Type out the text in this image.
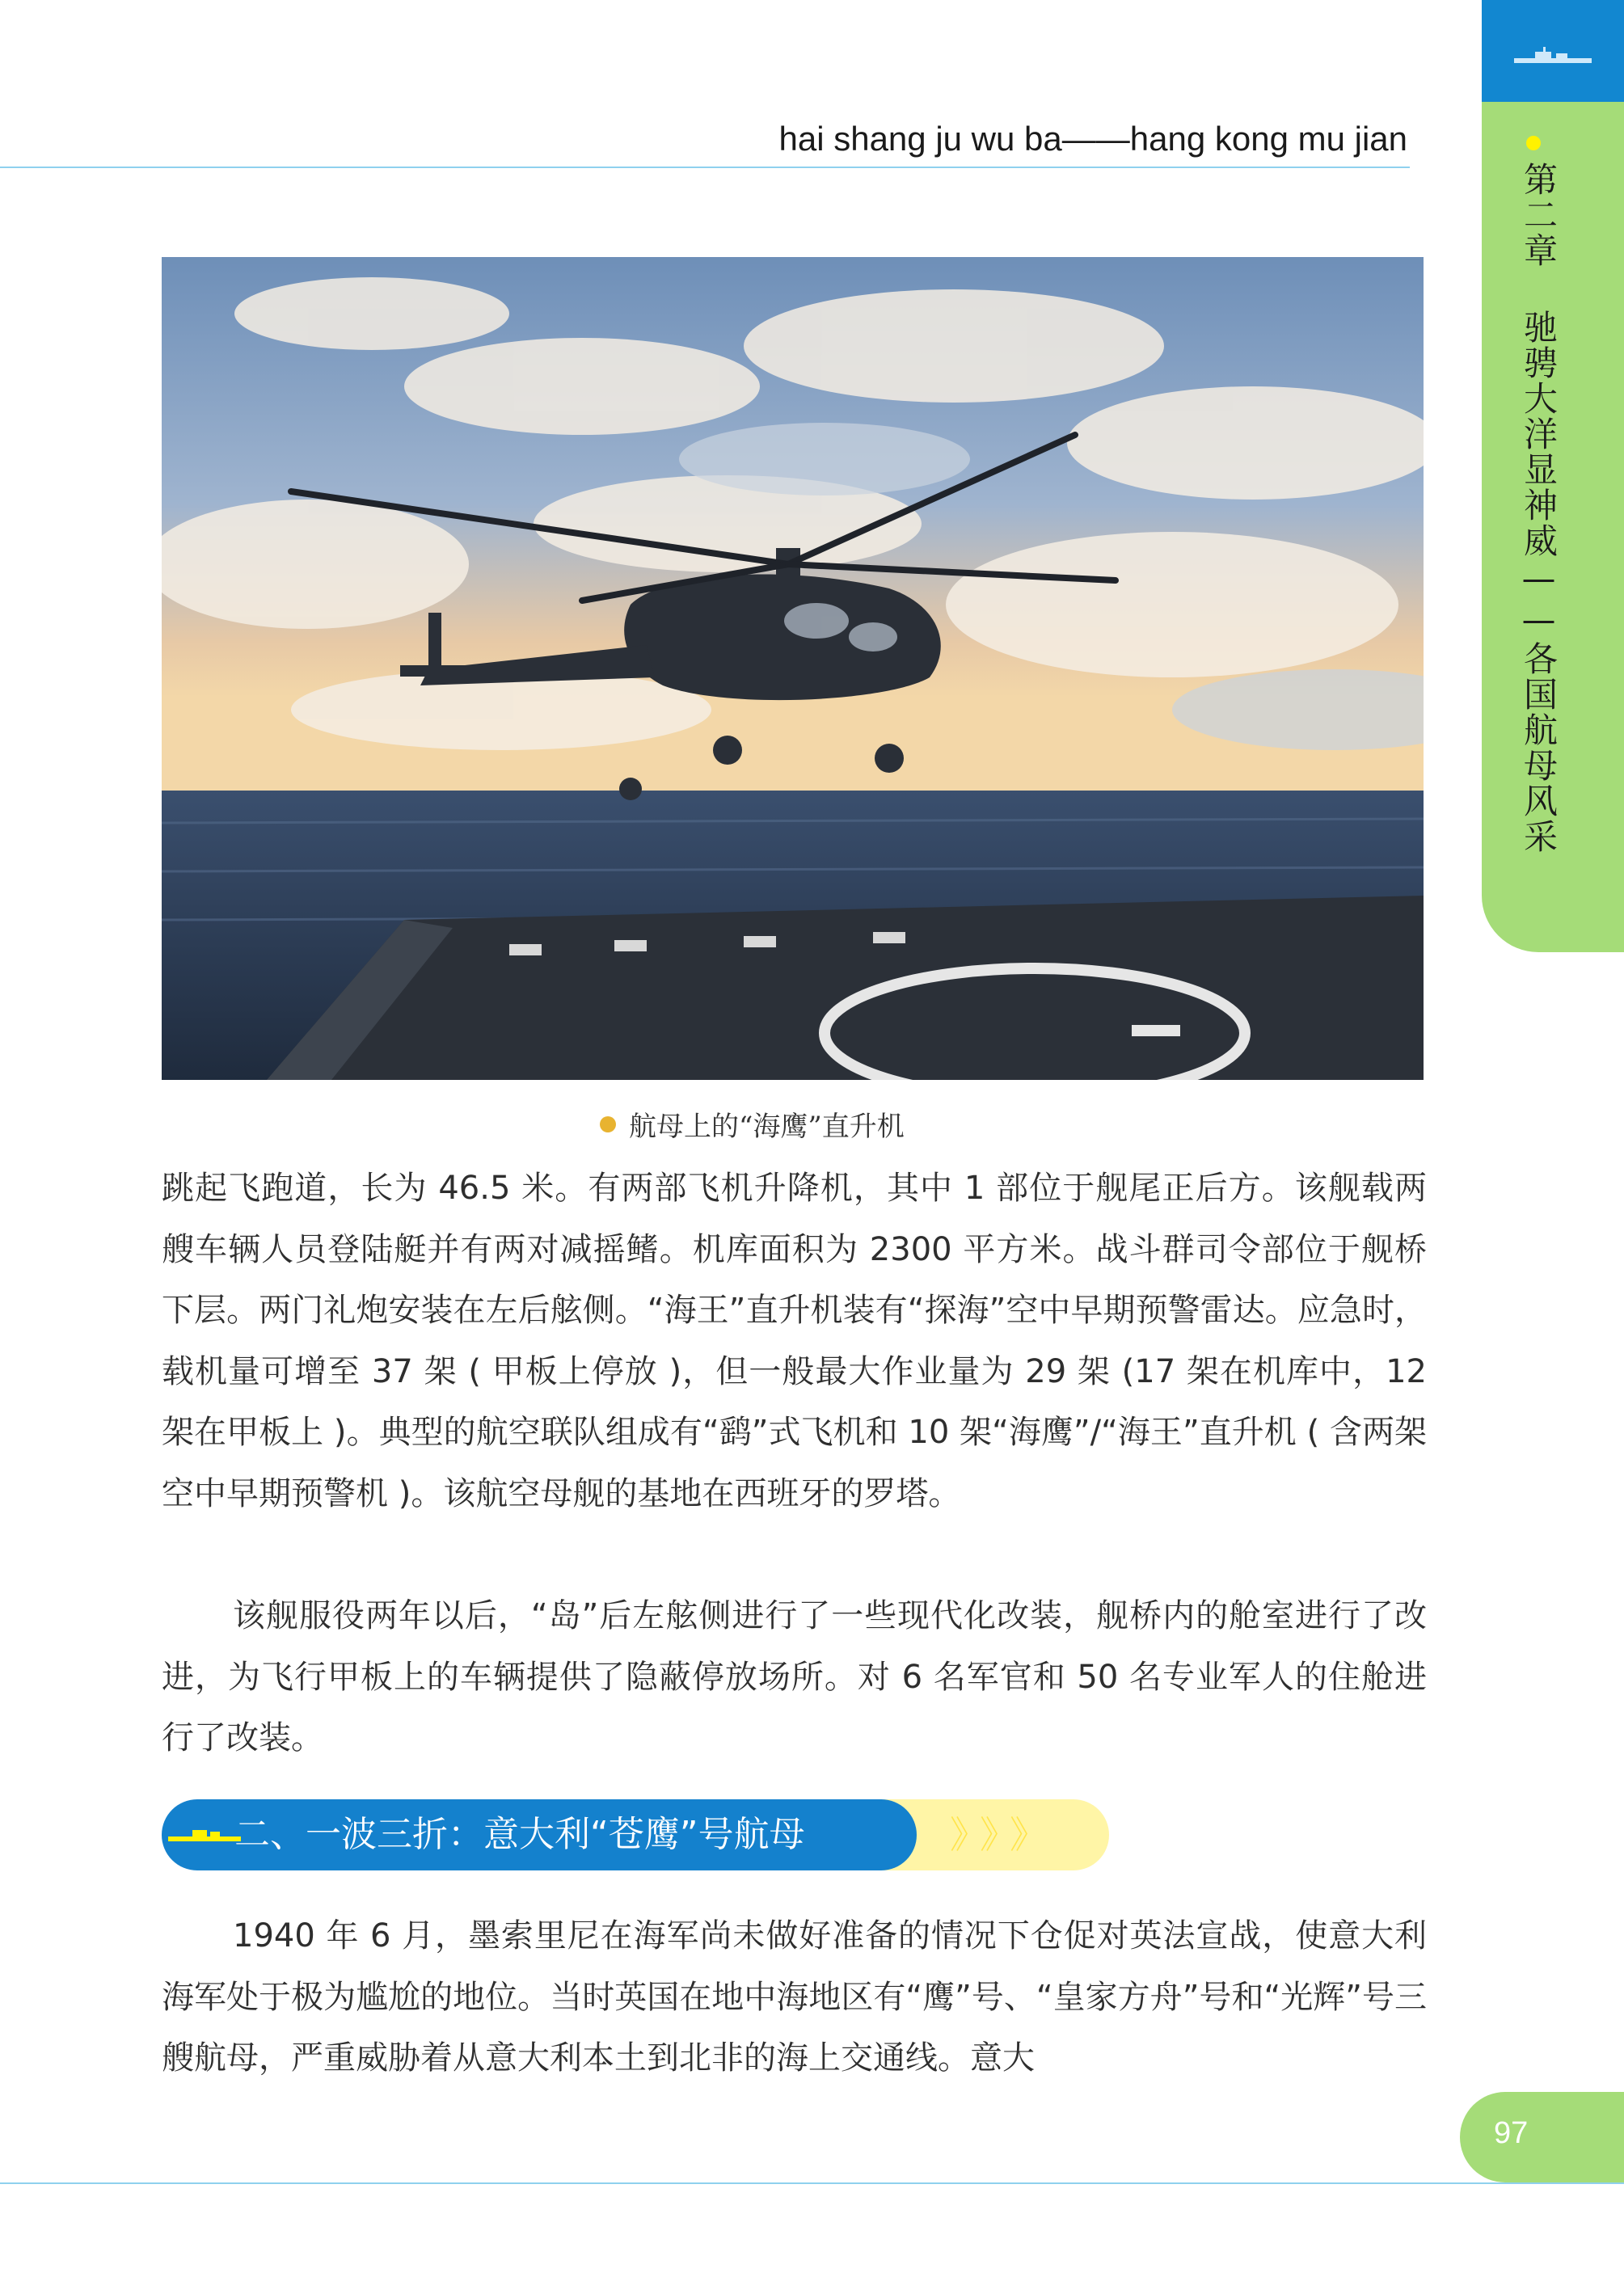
第二章 驰骋大洋显神威——各国航母风采
hai shang ju wu ba——hang kong mu jian
航母上的“海鹰”直升机
跳起飞跑道，长为 46.5 米。有两部飞机升降机，其中 1 部位于舰尾正后方。该舰载两艘车辆人员登陆艇并有两对减摇鳍。机库面积为 2300 平方米。战斗群司令部位于舰桥下层。两门礼炮安装在左后舷侧。“海王”直升机装有“探海”空中早期预警雷达。应急时，载机量可增至 37 架 ( 甲板上停放 )，但一般最大作业量为 29 架 (17 架在机库中，12 架在甲板上 )。典型的航空联队组成有“鹞”式飞机和 10 架“海鹰”/“海王”直升机 ( 含两架空中早期预警机 )。该航空母舰的基地在西班牙的罗塔。
该舰服役两年以后，“岛”后左舷侧进行了一些现代化改装，舰桥内的舱室进行了改进，为飞行甲板上的车辆提供了隐蔽停放场所。对 6 名军官和 50 名专业军人的住舱进行了改装。
二、一波三折：意大利“苍鹰”号航母	》》》
1940 年 6 月，墨索里尼在海军尚未做好准备的情况下仓促对英法宣战，使意大利海军处于极为尴尬的地位。当时英国在地中海地区有“鹰”号、“皇家方舟”号和“光辉”号三艘航母，严重威胁着从意大利本土到北非的海上交通线。意大
97
